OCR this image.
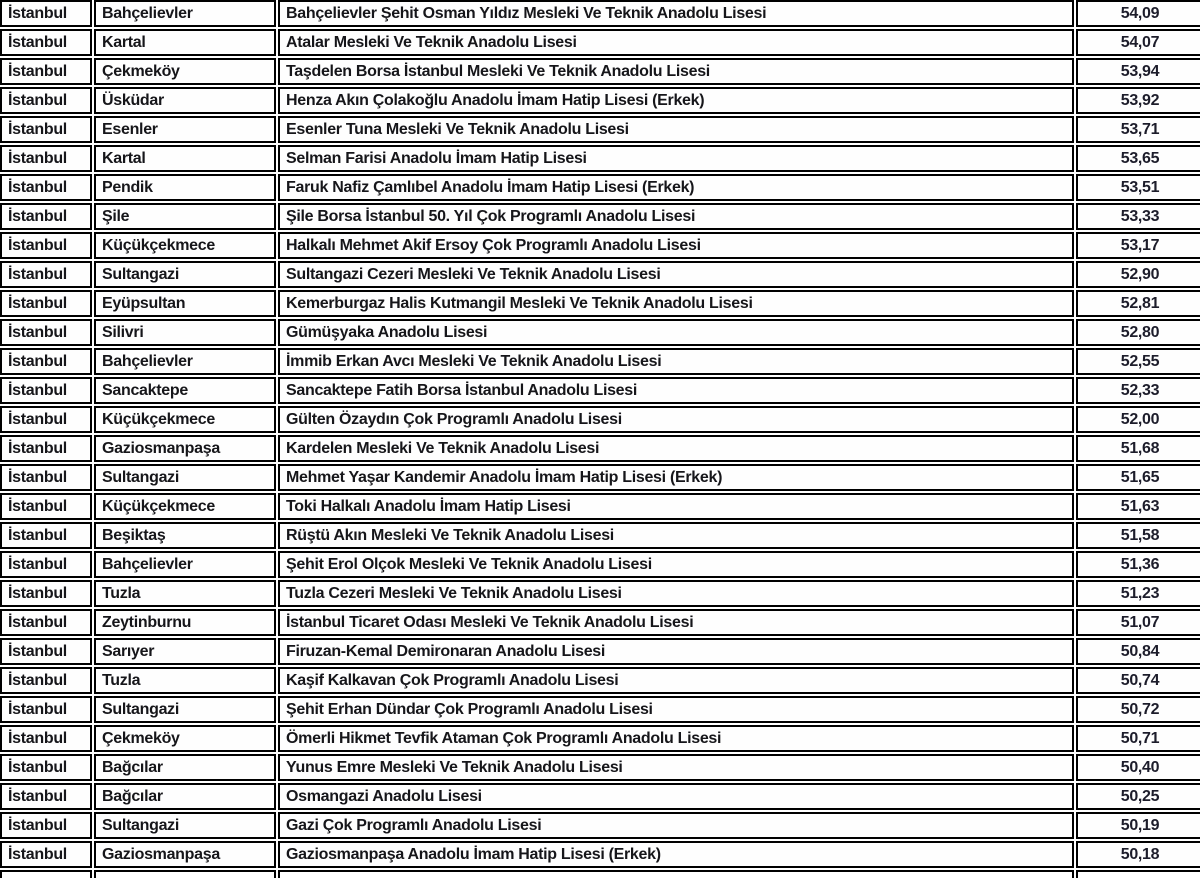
İstanbul	Bahçelievler	Bahçelievler Şehit Osman Yıldız Mesleki Ve Teknik Anadolu Lisesi	54,09
İstanbul	Kartal	Atalar Mesleki Ve Teknik Anadolu Lisesi	54,07
İstanbul	Çekmeköy	Taşdelen Borsa İstanbul Mesleki Ve Teknik Anadolu Lisesi	53,94
İstanbul	Üsküdar	Henza Akın Çolakoğlu Anadolu İmam Hatip Lisesi (Erkek)	53,92
İstanbul	Esenler	Esenler Tuna Mesleki Ve Teknik Anadolu Lisesi	53,71
İstanbul	Kartal	Selman Farisi Anadolu İmam Hatip Lisesi	53,65
İstanbul	Pendik	Faruk Nafiz Çamlıbel Anadolu İmam Hatip Lisesi (Erkek)	53,51
İstanbul	Şile	Şile Borsa İstanbul 50. Yıl Çok Programlı Anadolu Lisesi	53,33
İstanbul	Küçükçekmece	Halkalı Mehmet Akif Ersoy Çok Programlı Anadolu Lisesi	53,17
İstanbul	Sultangazi	Sultangazi Cezeri Mesleki Ve Teknik Anadolu Lisesi	52,90
İstanbul	Eyüpsultan	Kemerburgaz Halis Kutmangil Mesleki Ve Teknik Anadolu Lisesi	52,81
İstanbul	Silivri	Gümüşyaka Anadolu Lisesi	52,80
İstanbul	Bahçelievler	İmmib Erkan Avcı Mesleki Ve Teknik Anadolu Lisesi	52,55
İstanbul	Sancaktepe	Sancaktepe Fatih Borsa İstanbul Anadolu Lisesi	52,33
İstanbul	Küçükçekmece	Gülten Özaydın Çok Programlı Anadolu Lisesi	52,00
İstanbul	Gaziosmanpaşa	Kardelen Mesleki Ve Teknik Anadolu Lisesi	51,68
İstanbul	Sultangazi	Mehmet Yaşar Kandemir Anadolu İmam Hatip Lisesi (Erkek)	51,65
İstanbul	Küçükçekmece	Toki Halkalı Anadolu İmam Hatip Lisesi	51,63
İstanbul	Beşiktaş	Rüştü Akın Mesleki Ve Teknik Anadolu Lisesi	51,58
İstanbul	Bahçelievler	Şehit Erol Olçok Mesleki Ve Teknik Anadolu Lisesi	51,36
İstanbul	Tuzla	Tuzla Cezeri Mesleki Ve Teknik Anadolu Lisesi	51,23
İstanbul	Zeytinburnu	İstanbul Ticaret Odası Mesleki Ve Teknik Anadolu Lisesi	51,07
İstanbul	Sarıyer	Firuzan-Kemal Demironaran Anadolu Lisesi	50,84
İstanbul	Tuzla	Kaşif Kalkavan Çok Programlı Anadolu Lisesi	50,74
İstanbul	Sultangazi	Şehit Erhan Dündar Çok Programlı Anadolu Lisesi	50,72
İstanbul	Çekmeköy	Ömerli Hikmet Tevfik Ataman Çok Programlı Anadolu Lisesi	50,71
İstanbul	Bağcılar	Yunus Emre Mesleki Ve Teknik Anadolu Lisesi	50,40
İstanbul	Bağcılar	Osmangazi Anadolu Lisesi	50,25
İstanbul	Sultangazi	Gazi Çok Programlı Anadolu Lisesi	50,19
İstanbul	Gaziosmanpaşa	Gaziosmanpaşa Anadolu İmam Hatip Lisesi (Erkek)	50,18
